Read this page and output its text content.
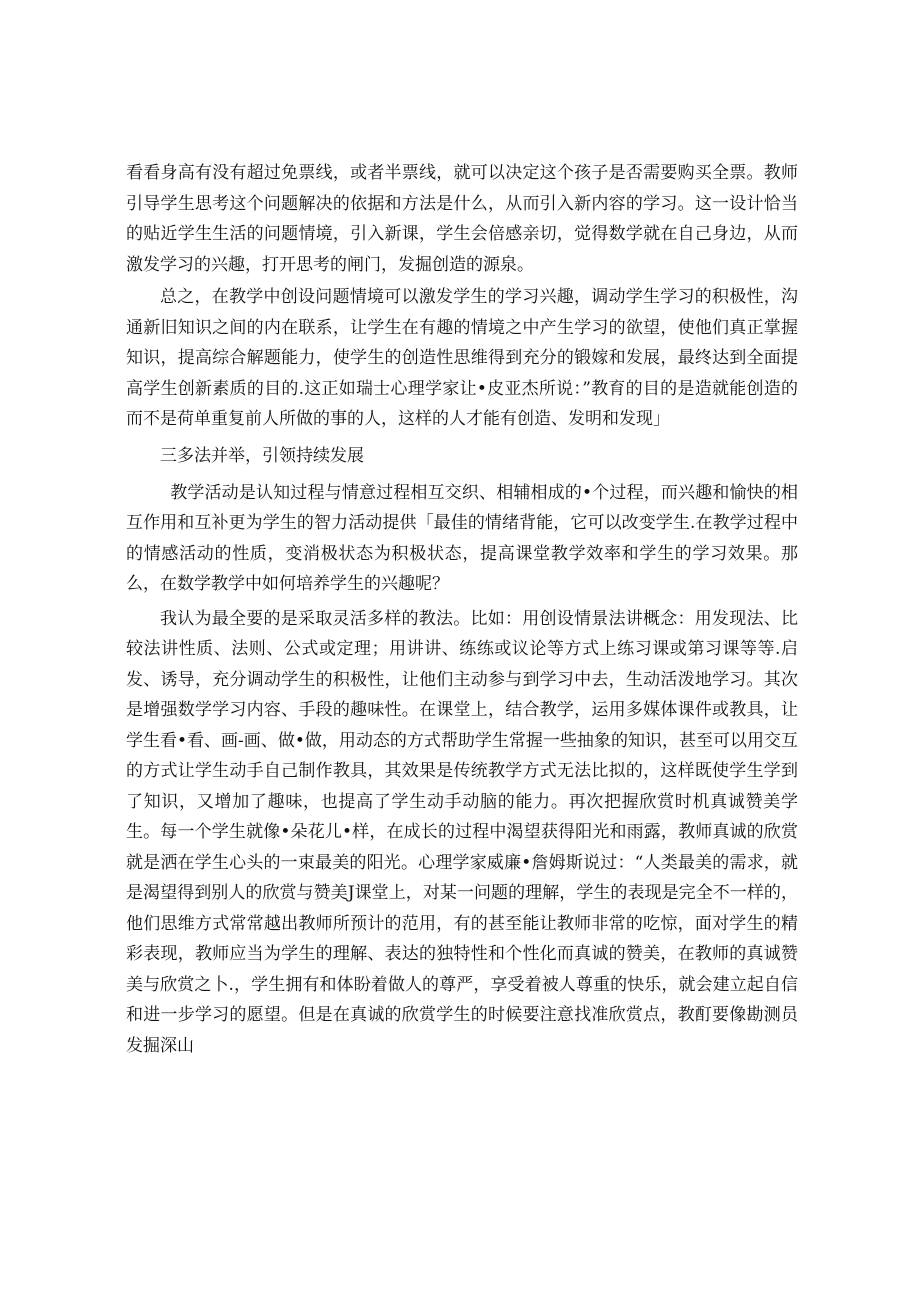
看看身高有没有超过免票线，或者半票线，就可以决定这个孩子是否需要购买全票。教师引导学生思考这个问题解决的依据和方法是什么，从而引入新内容的学习。这一设计恰当的贴近学生生活的问题情境，引入新课，学生会倍感亲切，觉得数学就在自己身边，从而激发学习的兴趣，打开思考的闸门，发掘创造的源泉。

总之，在教学中创设问题情境可以激发学生的学习兴趣，调动学生学习的积极性，沟通新旧知识之间的内在联系，让学生在有趣的情境之中产生学习的欲望，使他们真正掌握知识，提高综合解题能力，使学生的创造性思维得到充分的锻嫁和发展，最终达到全面提高学生创新素质的目的.这正如瑞士心理学家让•皮亚杰所说：”教育的目的是造就能创造的而不是荷单重复前人所做的事的人，这样的人才能有创造、发明和发现」

三多法并举，引领持续发展

教学活动是认知过程与情意过程相互交织、相辅相成的•个过程，而兴趣和愉快的相互作用和互补更为学生的智力活动提供「最佳的情绪背能，它可以改变学生.在教学过程中的情感活动的性质，变消极状态为积极状态，提高课堂教学效率和学生的学习效果。那么，在数学教学中如何培养学生的兴趣呢？

我认为最全要的是采取灵活多样的教法。比如：用创设情景法讲概念：用发现法、比较法讲性质、法则、公式或定理；用讲讲、练练或议论等方式上练习课或第习课等等.启发、诱导，充分调动学生的积极性，让他们主动参与到学习中去，生动活泼地学习。其次是增强数学学习内容、手段的趣味性。在课堂上，结合教学，运用多媒体课件或教具，让学生看•看、画-画、做•做，用动态的方式帮助学生常握一些抽象的知识，甚至可以用交互的方式让学生动手自己制作教具，其效果是传统教学方式无法比拟的，这样既使学生学到了知识，又增加了趣味，也提高了学生动手动脑的能力。再次把握欣赏时机真诚赞美学生。每一个学生就像•朵花儿•样，在成长的过程中渴望获得阳光和雨露，教师真诚的欣赏就是洒在学生心头的一束最美的阳光。心理学家威廉•詹姆斯说过：“人类最美的需求，就是渴望得到别人的欣赏与赞美J课堂上，对某一问题的理解，学生的表现是完全不一样的，他们思维方式常常越出教师所预计的范用，有的甚至能让教师非常的吃惊，面对学生的精彩表现，教师应当为学生的理解、表达的独特性和个性化而真诚的赞美，在教师的真诚赞美与欣赏之卜.，学生拥有和体盼着做人的尊严，享受着被人尊重的快乐，就会建立起自信和进一步学习的愿望。但是在真诚的欣赏学生的时候要注意找准欣赏点，教酊要像勘测员发掘深山
